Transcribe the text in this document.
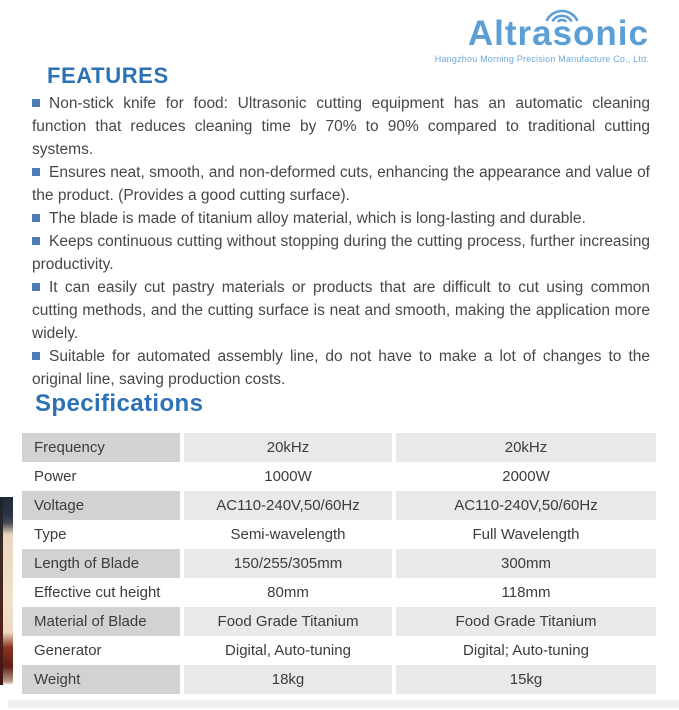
Altrasonic
Hangzhou Morning Precision Manufacture Co., Ltd.
FEATURES
Non-stick knife for food: Ultrasonic cutting equipment has an automatic cleaning function that reduces cleaning time by 70% to 90% compared to traditional cutting systems.
Ensures neat, smooth, and non-deformed cuts, enhancing the appearance and value of the product. (Provides a good cutting surface).
The blade is made of titanium alloy material, which is long-lasting and durable.
Keeps continuous cutting without stopping during the cutting process, further increasing productivity.
It can easily cut pastry materials or products that are difficult to cut using common cutting methods, and the cutting surface is neat and smooth, making the application more widely.
Suitable for automated assembly line, do not have to make a lot of changes to the original line, saving production costs.
Specifications
Frequency	20kHz	20kHz
Power	1000W	2000W
Voltage	AC110-240V,50/60Hz	AC110-240V,50/60Hz
Type	Semi-wavelength	Full Wavelength
Length of Blade	150/255/305mm	300mm
Effective cut height	80mm	118mm
Material of Blade	Food Grade Titanium	Food Grade Titanium
Generator	Digital, Auto-tuning	Digital; Auto-tuning
Weight	18kg	15kg
